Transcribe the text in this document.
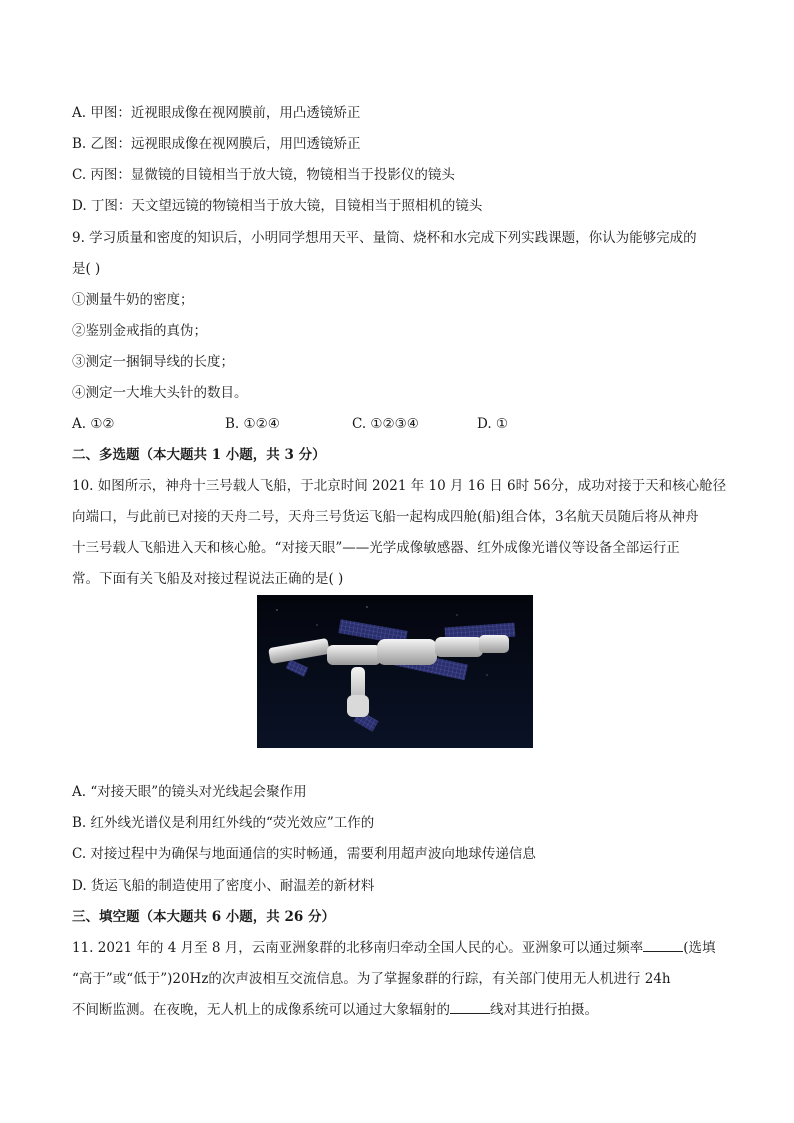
A. 甲图：近视眼成像在视网膜前，用凸透镜矫正
B. 乙图：远视眼成像在视网膜后，用凹透镜矫正
C. 丙图：显微镜的目镜相当于放大镜，物镜相当于投影仪的镜头
D. 丁图：天文望远镜的物镜相当于放大镜，目镜相当于照相机的镜头
9. 学习质量和密度的知识后，小明同学想用天平、量筒、烧杯和水完成下列实践课题，你认为能够完成的
是( )
①测量牛奶的密度；
②鉴别金戒指的真伪；
③测定一捆铜导线的长度；
④测定一大堆大头针的数目。
A. ①②	B. ①②④	C. ①②③④	D. ①
二、多选题（本大题共 1 小题，共 3 分）
10. 如图所示，神舟十三号载人飞船，于北京时间 2021 年 10 月 16 日 6时 56分，成功对接于天和核心舱径
向端口，与此前已对接的天舟二号，天舟三号货运飞船一起构成四舱(船)组合体，3名航天员随后将从神舟
十三号载人飞船进入天和核心舱。“对接天眼”——光学成像敏感器、红外成像光谱仪等设备全部运行正
常。下面有关飞船及对接过程说法正确的是( )
A. “对接天眼”的镜头对光线起会聚作用
B. 红外线光谱仪是利用红外线的“荧光效应”工作的
C. 对接过程中为确保与地面通信的实时畅通，需要利用超声波向地球传递信息
D. 货运飞船的制造使用了密度小、耐温差的新材料
三、填空题（本大题共 6 小题，共 26 分）
11. 2021 年的 4 月至 8 月，云南亚洲象群的北移南归牵动全国人民的心。亚洲象可以通过频率	(选填
“高于”或“低于”)20Hz的次声波相互交流信息。为了掌握象群的行踪，有关部门使用无人机进行 24h
不间断监测。在夜晚，无人机上的成像系统可以通过大象辐射的	线对其进行拍摄。
